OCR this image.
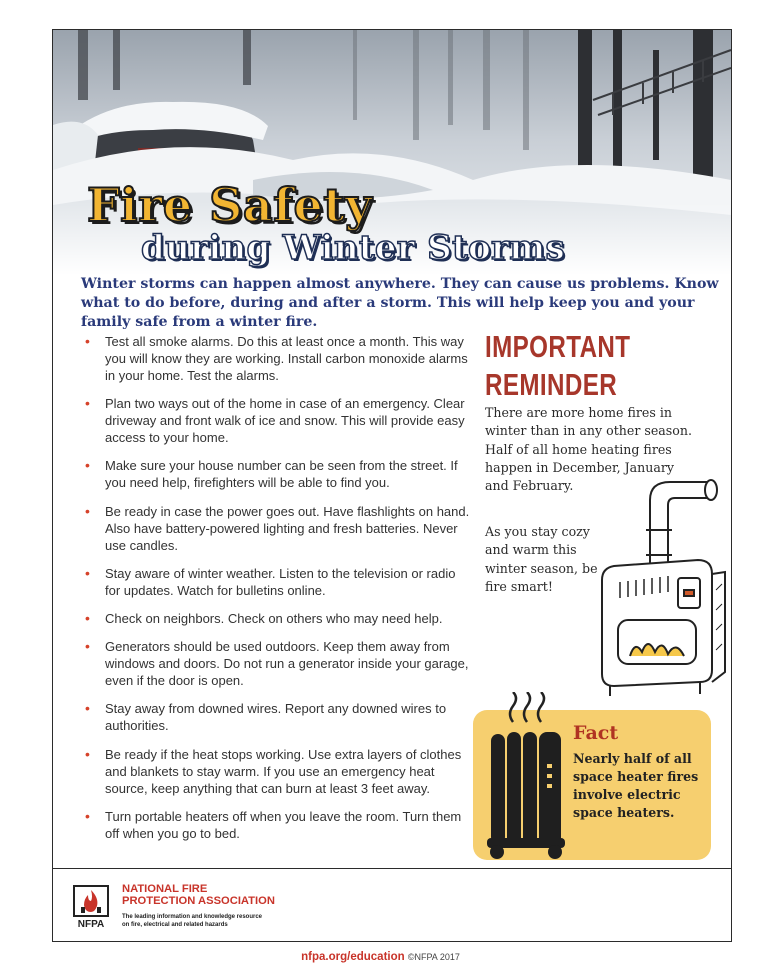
Fire Safety
during Winter Storms

Winter storms can happen almost anywhere. They can cause us problems. Know what to do before, during and after a storm. This will help keep you and your family safe from a winter fire.

• Test all smoke alarms. Do this at least once a month. This way you will know they are working. Install carbon monoxide alarms in your home. Test the alarms.
• Plan two ways out of the home in case of an emergency. Clear driveway and front walk of ice and snow. This will provide easy access to your home.
• Make sure your house number can be seen from the street. If you need help, firefighters will be able to find you.
• Be ready in case the power goes out. Have flashlights on hand. Also have battery-powered lighting and fresh batteries. Never use candles.
• Stay aware of winter weather. Listen to the television or radio for updates. Watch for bulletins online.
• Check on neighbors. Check on others who may need help.
• Generators should be used outdoors. Keep them away from windows and doors. Do not run a generator inside your garage, even if the door is open.
• Stay away from downed wires. Report any downed wires to authorities.
• Be ready if the heat stops working. Use extra layers of clothes and blankets to stay warm. If you use an emergency heat source, keep anything that can burn at least 3 feet away.
• Turn portable heaters off when you leave the room. Turn them off when you go to bed.
IMPORTANT
REMINDER

There are more home fires in winter than in any other season. Half of all home heating fires happen in December, January and February.

As you stay cozy and warm this winter season, be fire smart!

Fact

Nearly half of all space heater fires involve electric space heaters.

NFPA
NATIONAL FIRE
PROTECTION ASSOCIATION
The leading information and knowledge resource
on fire, electrical and related hazards

nfpa.org/education ©NFPA 2017
